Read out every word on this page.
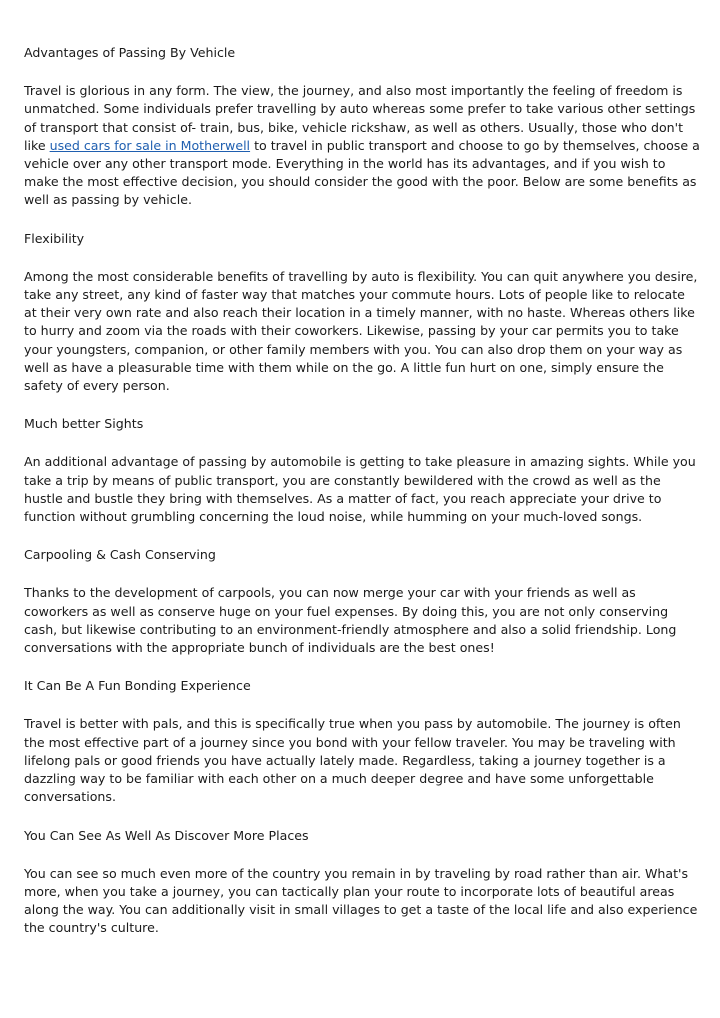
Advantages of Passing By Vehicle

Travel is glorious in any form. The view, the journey, and also most importantly the feeling of freedom is unmatched. Some individuals prefer travelling by auto whereas some prefer to take various other settings of transport that consist of- train, bus, bike, vehicle rickshaw, as well as others. Usually, those who don't like used cars for sale in Motherwell to travel in public transport and choose to go by themselves, choose a vehicle over any other transport mode. Everything in the world has its advantages, and if you wish to make the most effective decision, you should consider the good with the poor. Below are some benefits as well as passing by vehicle.

Flexibility

Among the most considerable benefits of travelling by auto is flexibility. You can quit anywhere you desire, take any street, any kind of faster way that matches your commute hours. Lots of people like to relocate at their very own rate and also reach their location in a timely manner, with no haste. Whereas others like to hurry and zoom via the roads with their coworkers. Likewise, passing by your car permits you to take your youngsters, companion, or other family members with you. You can also drop them on your way as well as have a pleasurable time with them while on the go. A little fun hurt on one, simply ensure the safety of every person.

Much better Sights

An additional advantage of passing by automobile is getting to take pleasure in amazing sights. While you take a trip by means of public transport, you are constantly bewildered with the crowd as well as the hustle and bustle they bring with themselves. As a matter of fact, you reach appreciate your drive to function without grumbling concerning the loud noise, while humming on your much-loved songs.

Carpooling & Cash Conserving

Thanks to the development of carpools, you can now merge your car with your friends as well as coworkers as well as conserve huge on your fuel expenses. By doing this, you are not only conserving cash, but likewise contributing to an environment-friendly atmosphere and also a solid friendship. Long conversations with the appropriate bunch of individuals are the best ones!

It Can Be A Fun Bonding Experience

Travel is better with pals, and this is specifically true when you pass by automobile. The journey is often the most effective part of a journey since you bond with your fellow traveler. You may be traveling with lifelong pals or good friends you have actually lately made. Regardless, taking a journey together is a dazzling way to be familiar with each other on a much deeper degree and have some unforgettable conversations.

You Can See As Well As Discover More Places

You can see so much even more of the country you remain in by traveling by road rather than air. What's more, when you take a journey, you can tactically plan your route to incorporate lots of beautiful areas along the way. You can additionally visit in small villages to get a taste of the local life and also experience the country's culture.
